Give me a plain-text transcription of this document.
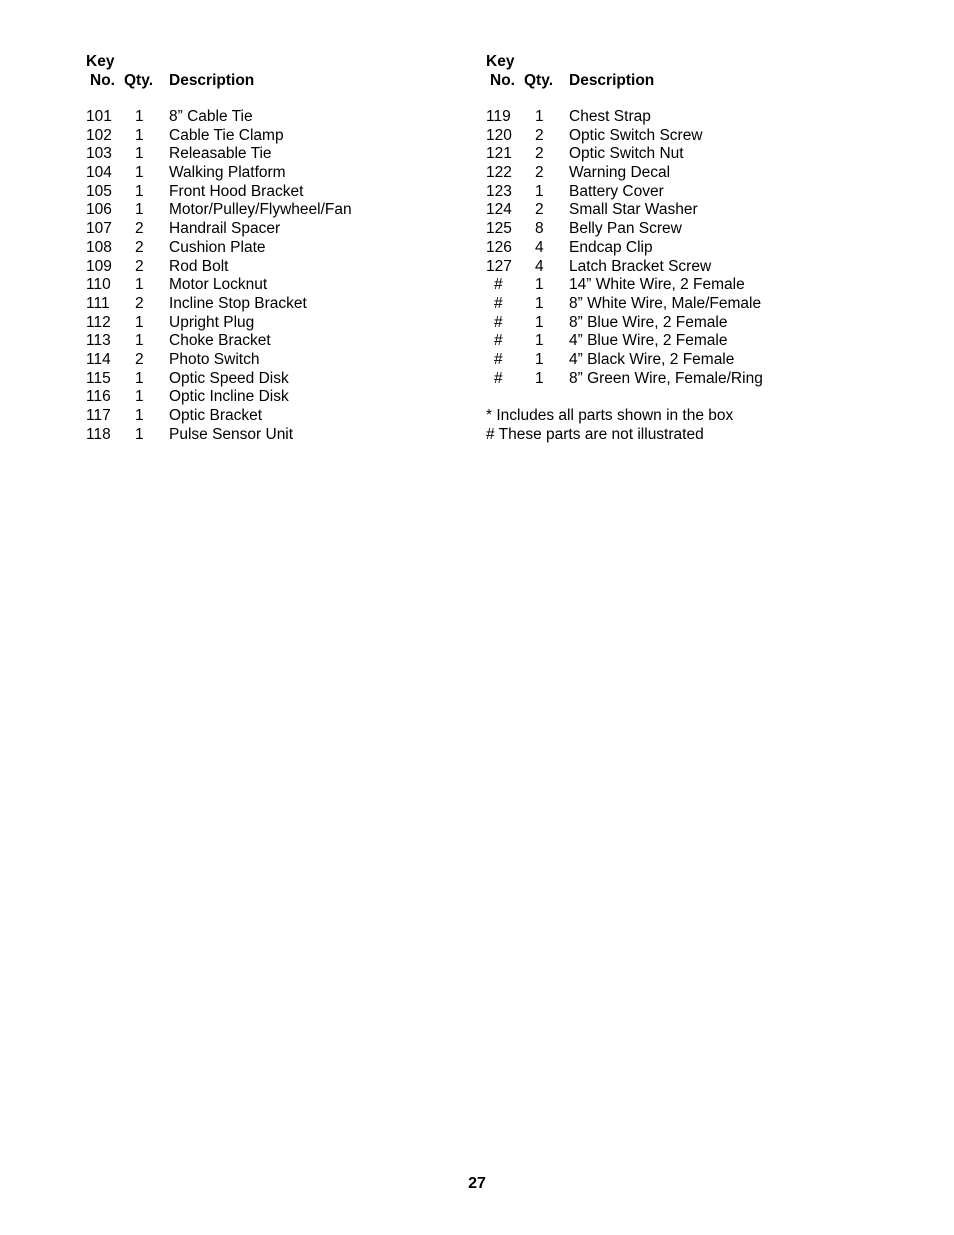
Key
No. Qty. Description
101 1 8” Cable Tie
102 1 Cable Tie Clamp
103 1 Releasable Tie
104 1 Walking Platform
105 1 Front Hood Bracket
106 1 Motor/Pulley/Flywheel/Fan
107 2 Handrail Spacer
108 2 Cushion Plate
109 2 Rod Bolt
110 1 Motor Locknut
111 2 Incline Stop Bracket
112 1 Upright Plug
113 1 Choke Bracket
114 2 Photo Switch
115 1 Optic Speed Disk
116 1 Optic Incline Disk
117 1 Optic Bracket
118 1 Pulse Sensor Unit
Key
No. Qty. Description
119 1 Chest Strap
120 2 Optic Switch Screw
121 2 Optic Switch Nut
122 2 Warning Decal
123 1 Battery Cover
124 2 Small Star Washer
125 8 Belly Pan Screw
126 4 Endcap Clip
127 4 Latch Bracket Screw
# 1 14” White Wire, 2 Female
# 1 8” White Wire, Male/Female
# 1 8” Blue Wire, 2 Female
# 1 4” Blue Wire, 2 Female
# 1 4” Black Wire, 2 Female
# 1 8” Green Wire, Female/Ring
* Includes all parts shown in the box
# These parts are not illustrated
27
